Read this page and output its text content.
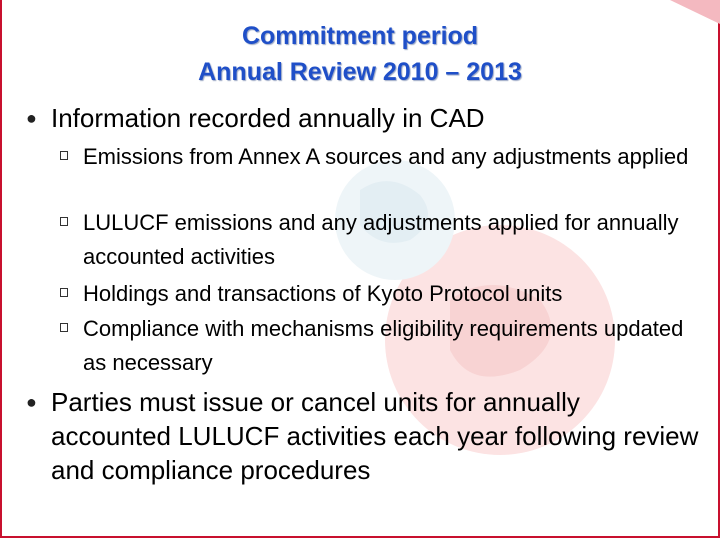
Commitment period
Annual Review 2010 – 2013
● Information recorded annually in CAD
Emissions from Annex A sources and any adjustments applied
LULUCF emissions and any adjustments applied for annually accounted activities
Holdings and transactions of Kyoto Protocol units
Compliance with mechanisms eligibility requirements updated as necessary
● Parties must issue or cancel units for annually accounted LULUCF activities each year following review and compliance procedures
